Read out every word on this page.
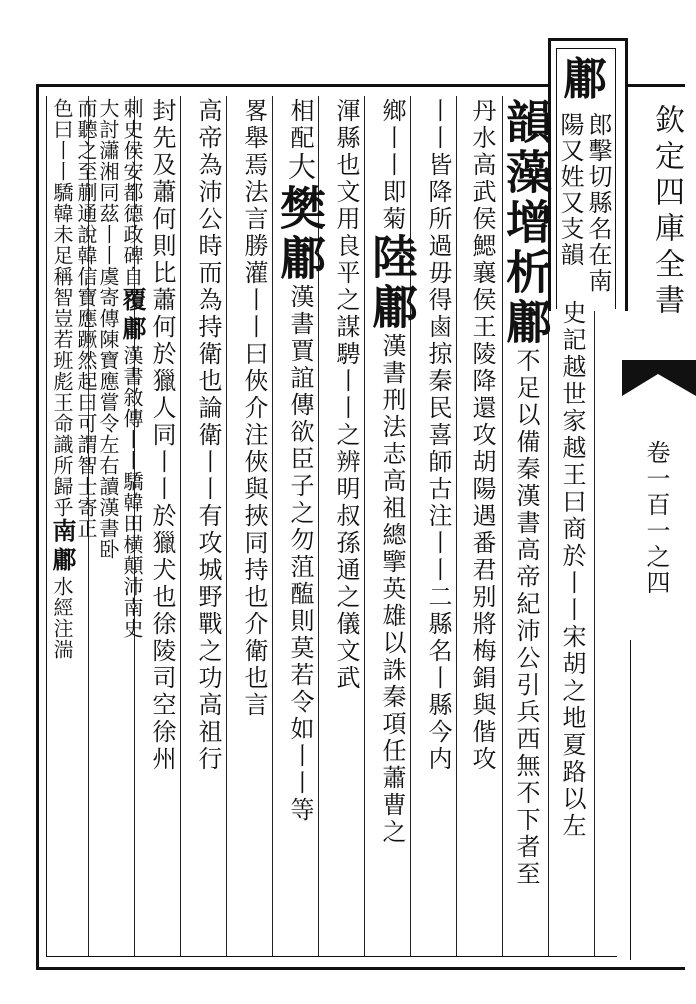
鄘
郎擊切縣名在南
陽又姓又支韻	欽定四庫全書
卷一百一之四
韻藻增析鄘不足以備秦漢書高帝紀沛公引兵西無不下者至 史記越世家越王曰商於丨丨宋胡之地夏路以左
丹水高武侯鰓襄侯王陵降還攻胡陽遇番君别將梅鋗與偕攻
丨丨皆降所過毋得鹵掠秦民喜師古注丨丨二縣名丨縣今内
鄉丨丨即菊陸鄘漢書刑法志高祖總擥英雄以誅秦項任蕭曹之
渾縣也文用良平之謀騁丨丨之辨明叔孫通之儀文武
相配大樊鄘漢書賈誼傳欲臣子之勿菹醢則莫若令如丨丨等
畧舉焉法言勝灌丨丨曰俠介注俠與挾同持也介衛也言
高帝為沛公時而為持衛也論衛丨丨有攻城野戰之功高祖行
封先及蕭何則比蕭何於獵人同丨丨於獵犬也徐陵司空徐州
刺史侯安都德政碑自覆鄘漢書敘傳丨丨驕韓田横顛沛南史
大討瀟湘同茲丨丨虞寄傳陳寶應嘗令左右讀漢書卧
而聽之至蒯通說韓信寶應蹶然起曰可謂智士寄正
色曰丨丨驕韓未足稱智豈若班彪王命識所歸乎南鄘水經注湍
